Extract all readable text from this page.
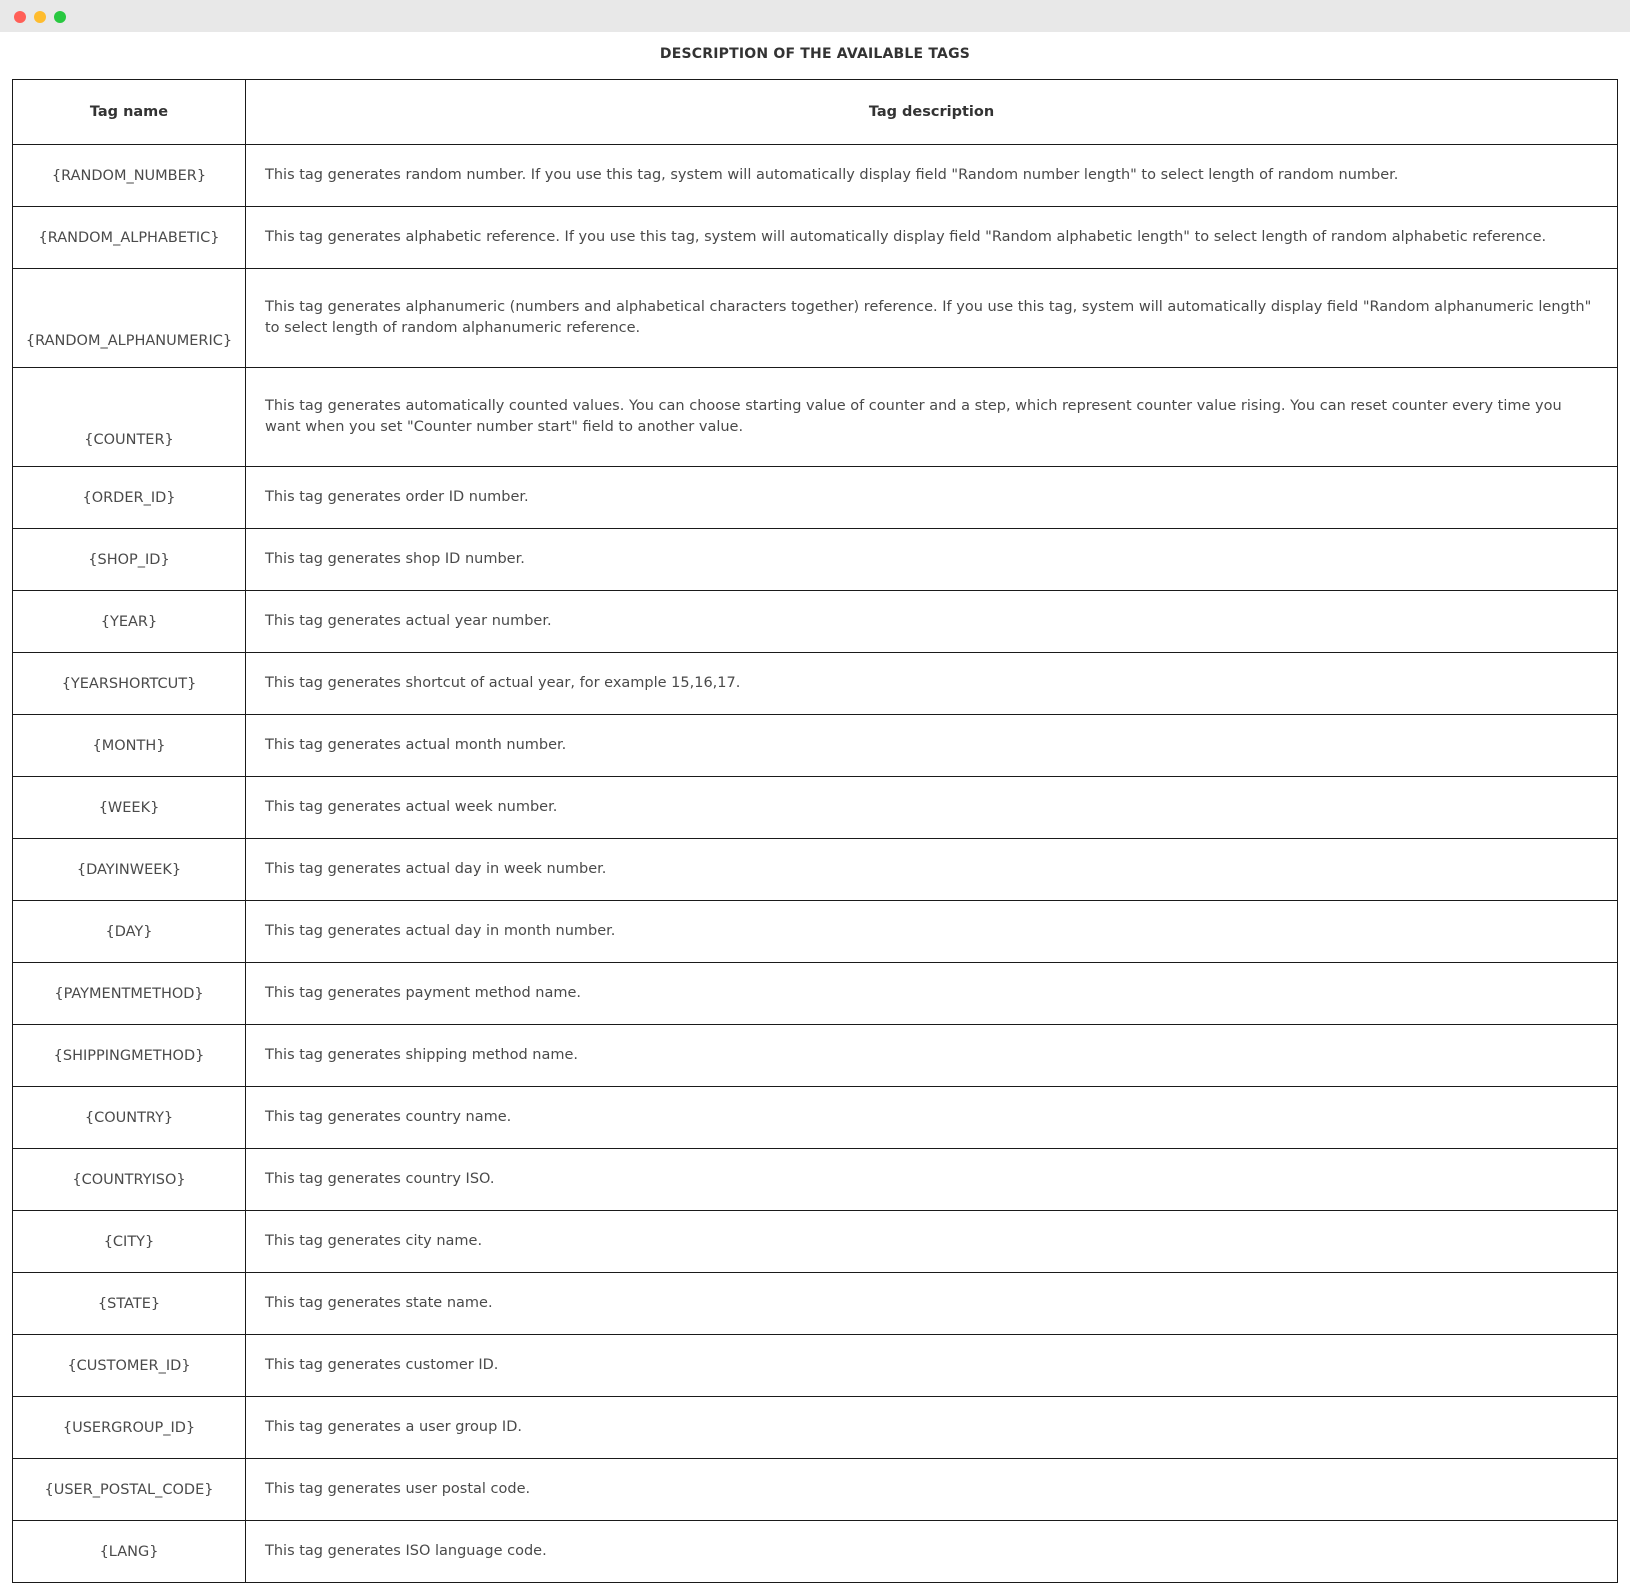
DESCRIPTION OF THE AVAILABLE TAGS
Tag name	Tag description
{RANDOM_NUMBER}	This tag generates random number. If you use this tag, system will automatically display field "Random number length" to select length of random number.
{RANDOM_ALPHABETIC}	This tag generates alphabetic reference. If you use this tag, system will automatically display field "Random alphabetic length" to select length of random alphabetic reference.
{RANDOM_ALPHANUMERIC}	This tag generates alphanumeric (numbers and alphabetical characters together) reference. If you use this tag, system will automatically display field "Random alphanumeric length" to select length of random alphanumeric reference.
{COUNTER}	This tag generates automatically counted values. You can choose starting value of counter and a step, which represent counter value rising. You can reset counter every time you want when you set "Counter number start" field to another value.
{ORDER_ID}	This tag generates order ID number.
{SHOP_ID}	This tag generates shop ID number.
{YEAR}	This tag generates actual year number.
{YEARSHORTCUT}	This tag generates shortcut of actual year, for example 15,16,17.
{MONTH}	This tag generates actual month number.
{WEEK}	This tag generates actual week number.
{DAYINWEEK}	This tag generates actual day in week number.
{DAY}	This tag generates actual day in month number.
{PAYMENTMETHOD}	This tag generates payment method name.
{SHIPPINGMETHOD}	This tag generates shipping method name.
{COUNTRY}	This tag generates country name.
{COUNTRYISO}	This tag generates country ISO.
{CITY}	This tag generates city name.
{STATE}	This tag generates state name.
{CUSTOMER_ID}	This tag generates customer ID.
{USERGROUP_ID}	This tag generates a user group ID.
{USER_POSTAL_CODE}	This tag generates user postal code.
{LANG}	This tag generates ISO language code.
